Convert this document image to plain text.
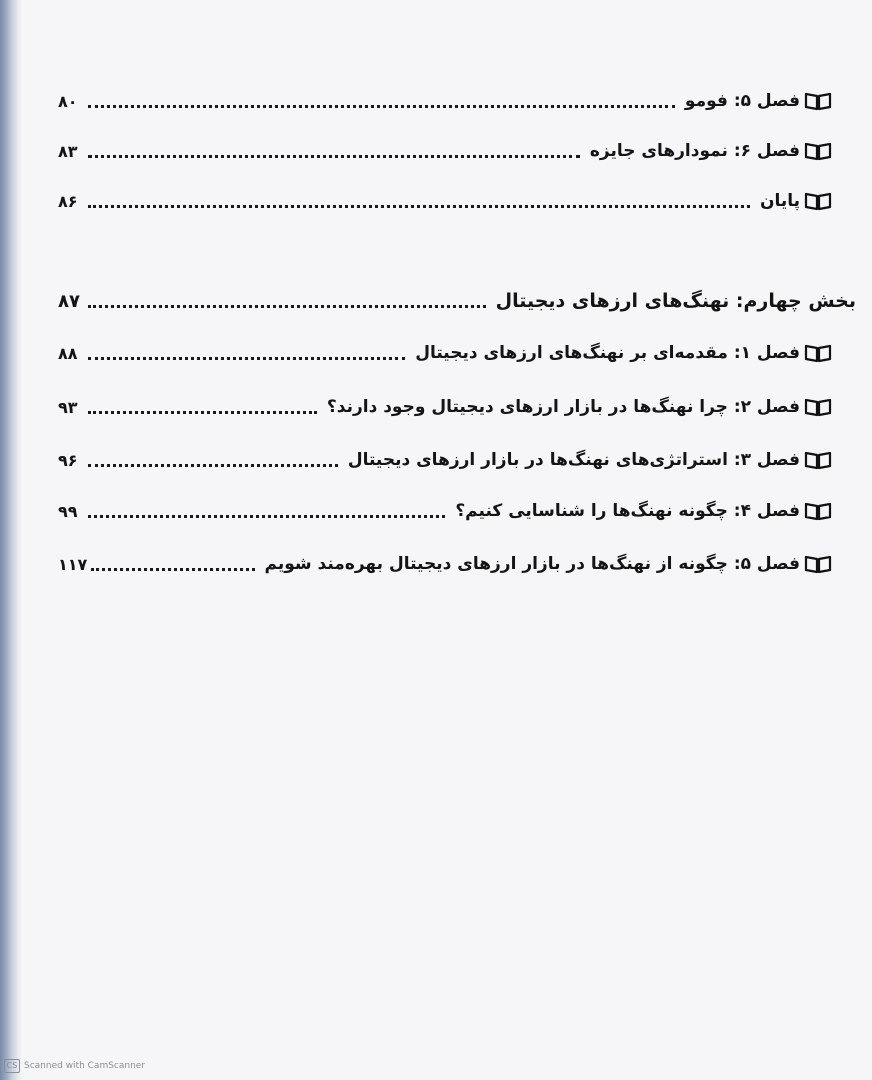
فصل ۵: فومو
۸۰
فصل ۶: نمودارهای جایزه
۸۳
پایان
۸۶
بخش چهارم: نهنگ‌های ارزهای دیجیتال
۸۷
فصل ۱: مقدمه‌ای بر نهنگ‌های ارزهای دیجیتال
۸۸
فصل ۲: چرا نهنگ‌ها در بازار ارزهای دیجیتال وجود دارند؟
۹۳
فصل ۳: استراتژی‌های نهنگ‌ها در بازار ارزهای دیجیتال
۹۶
فصل ۴: چگونه نهنگ‌ها را شناسایی کنیم؟
۹۹
فصل ۵: چگونه از نهنگ‌ها در بازار ارزهای دیجیتال بهره‌مند شویم
۱۱۷
CS Scanned with CamScanner
